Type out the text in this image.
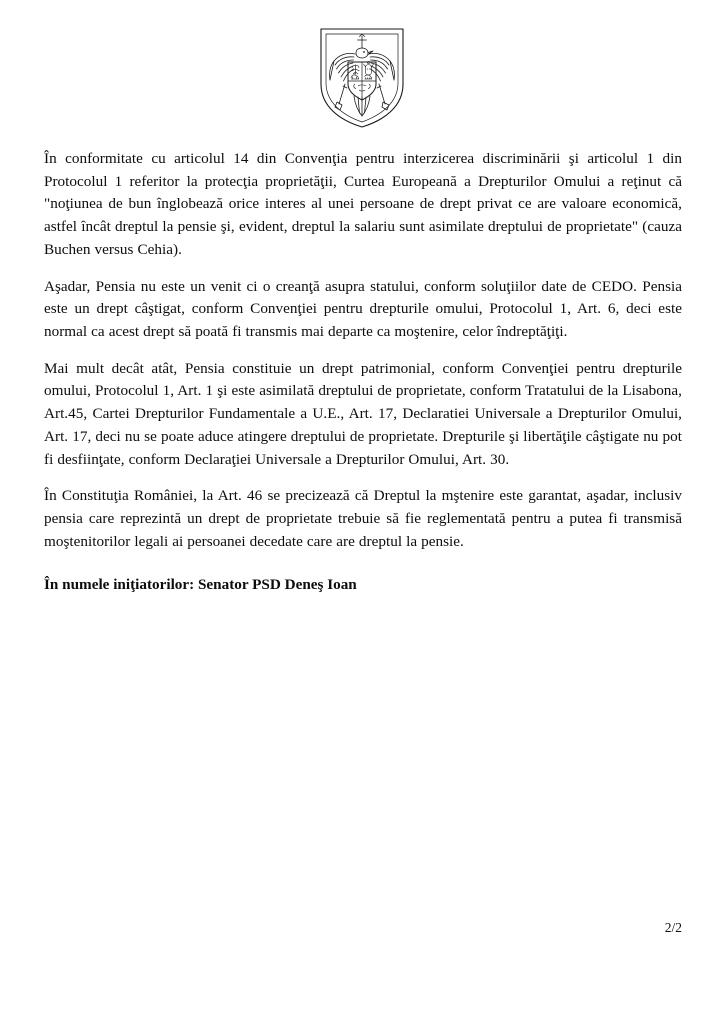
În conformitate cu articolul 14 din Convenţia pentru interzicerea discriminării şi articolul 1 din Protocolul 1 referitor la protecţia proprietăţii, Curtea Europeană a Drepturilor Omului a reţinut că "noţiunea de bun înglobează orice interes al unei persoane de drept privat ce are valoare economică, astfel încât dreptul la pensie şi, evident, dreptul la salariu sunt asimilate dreptului de proprietate" (cauza Buchen versus Cehia).

Aşadar, Pensia nu este un venit ci o creanţă asupra statului, conform soluţiilor date de CEDO. Pensia este un drept câştigat, conform Convenţiei pentru drepturile omului, Protocolul 1, Art. 6, deci este normal ca acest drept să poată fi transmis mai departe ca moştenire, celor îndreptăţiţi.

Mai mult decât atât, Pensia constituie un drept patrimonial, conform Convenţiei pentru drepturile omului, Protocolul 1, Art. 1 şi este asimilată dreptului de proprietate, conform Tratatului de la Lisabona, Art.45, Cartei Drepturilor Fundamentale a U.E., Art. 17, Declaratiei Universale a Drepturilor Omului, Art. 17, deci nu se poate aduce atingere dreptului de proprietate. Drepturile şi libertăţile câştigate nu pot fi desfiinţate, conform Declaraţiei Universale a Drepturilor Omului, Art. 30.

În Constituţia României, la Art. 46 se precizează că Dreptul la mştenire este garantat, aşadar, inclusiv pensia care reprezintă un drept de proprietate trebuie să fie reglementată pentru a putea fi transmisă moştenitorilor legali ai persoanei decedate care are dreptul la pensie.

În numele iniţiatorilor: Senator PSD Deneş Ioan
2/2
